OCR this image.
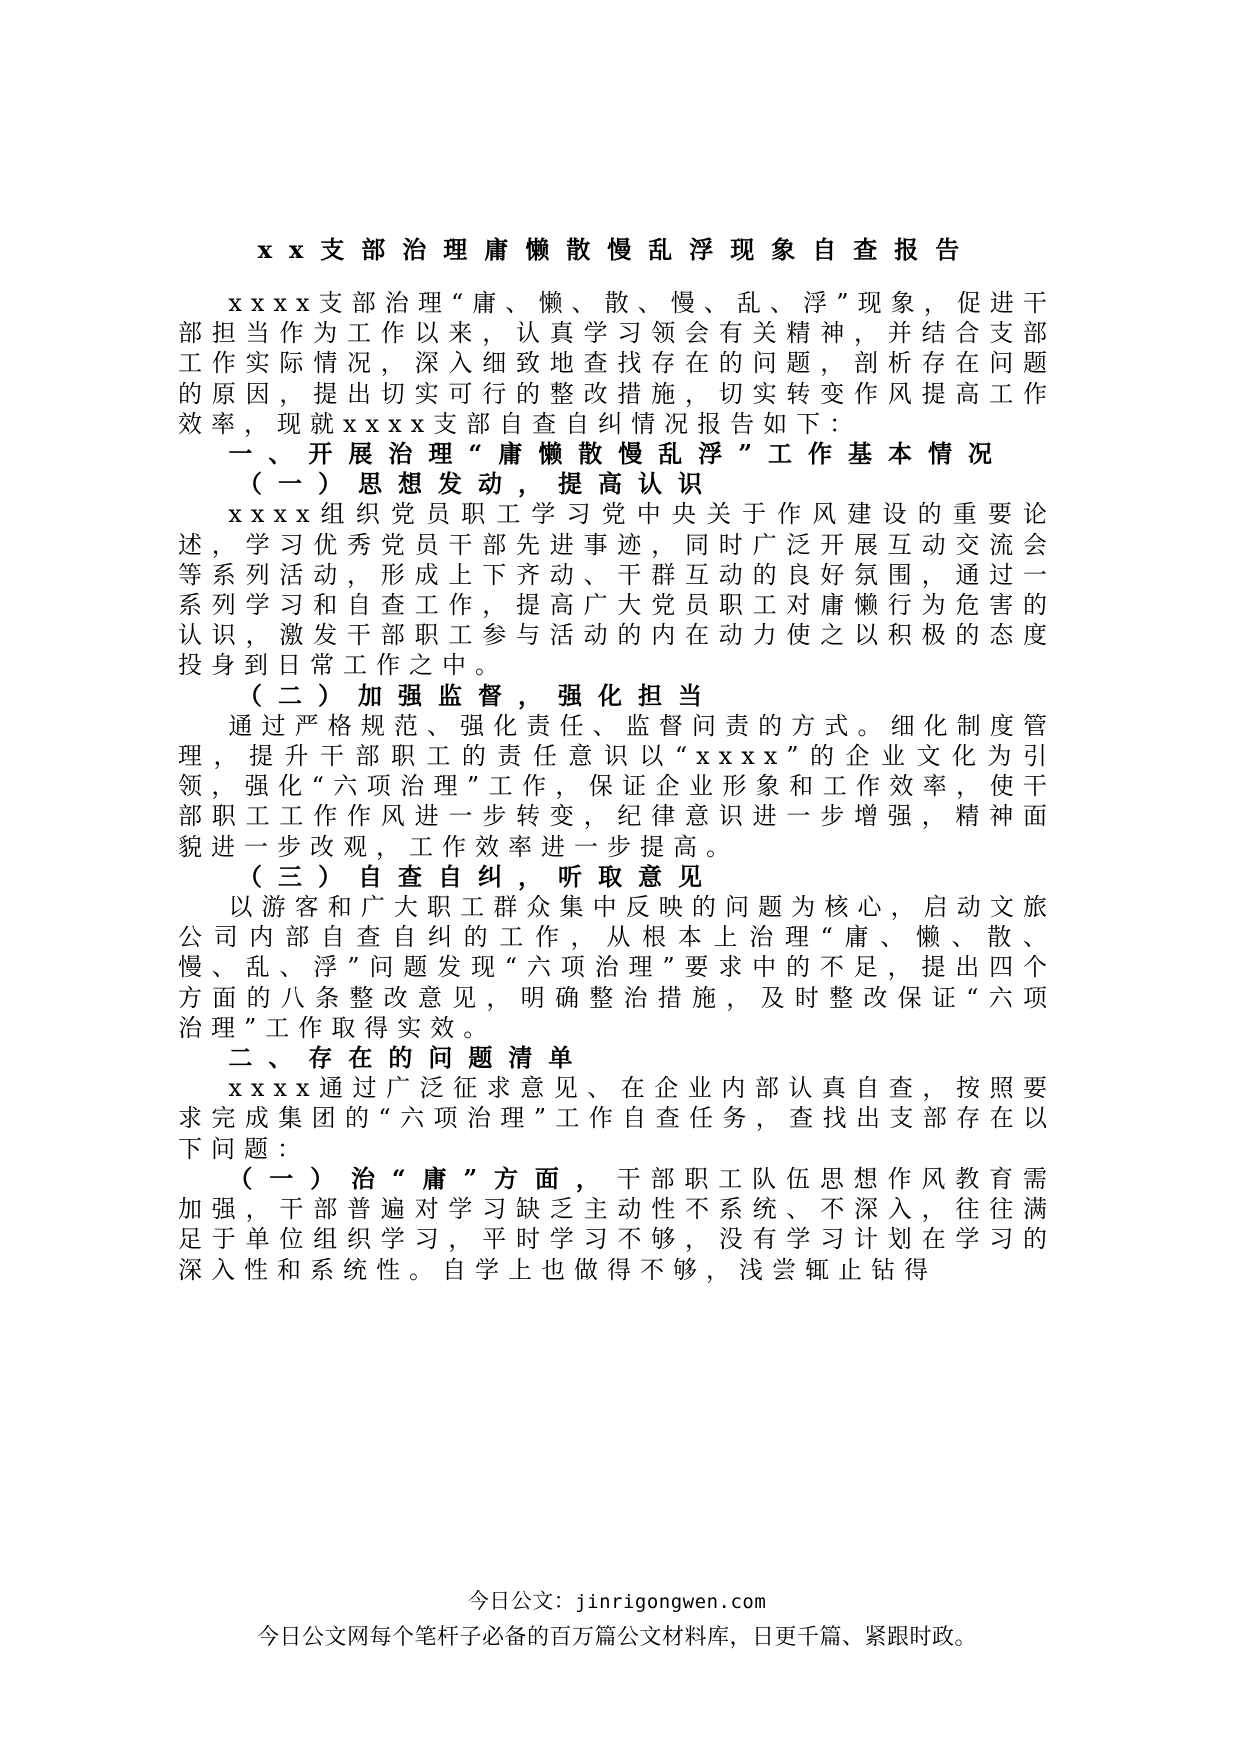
xx支部治理庸懒散慢乱浮现象自查报告

xxxx支部治理“庸、懒、散、慢、乱、浮”现象，促进干部担当作为工作以来，认真学习领会有关精神，并结合支部工作实际情况，深入细致地查找存在的问题，剖析存在问题的原因，提出切实可行的整改措施，切实转变作风提高工作效率，现就xxxx支部自查自纠情况报告如下：

一、开展治理“庸懒散慢乱浮”工作基本情况

（一）思想发动，提高认识

xxxx组织党员职工学习党中央关于作风建设的重要论述，学习优秀党员干部先进事迹，同时广泛开展互动交流会等系列活动，形成上下齐动、干群互动的良好氛围，通过一系列学习和自查工作，提高广大党员职工对庸懒行为危害的认识，激发干部职工参与活动的内在动力使之以积极的态度投身到日常工作之中。

（二）加强监督，强化担当

通过严格规范、强化责任、监督问责的方式。细化制度管理，提升干部职工的责任意识以“xxxx”的企业文化为引领，强化“六项治理”工作，保证企业形象和工作效率，使干部职工工作作风进一步转变，纪律意识进一步增强，精神面貌进一步改观，工作效率进一步提高。

（三）自查自纠，听取意见

以游客和广大职工群众集中反映的问题为核心，启动文旅公司内部自查自纠的工作，从根本上治理“庸、懒、散、慢、乱、浮”问题发现“六项治理”要求中的不足，提出四个方面的八条整改意见，明确整治措施，及时整改保证“六项治理”工作取得实效。

二、存在的问题清单

xxxx通过广泛征求意见、在企业内部认真自查，按照要求完成集团的“六项治理”工作自查任务，查找出支部存在以下问题：

（一）治“庸”方面，干部职工队伍思想作风教育需加强，干部普遍对学习缺乏主动性不系统、不深入，往往满足于单位组织学习，平时学习不够，没有学习计划在学习的深入性和系统性。自学上也做得不够，浅尝辄止钻得

今日公文：jinrigongwen.com
今日公文网每个笔杆子必备的百万篇公文材料库，日更千篇、紧跟时政。
